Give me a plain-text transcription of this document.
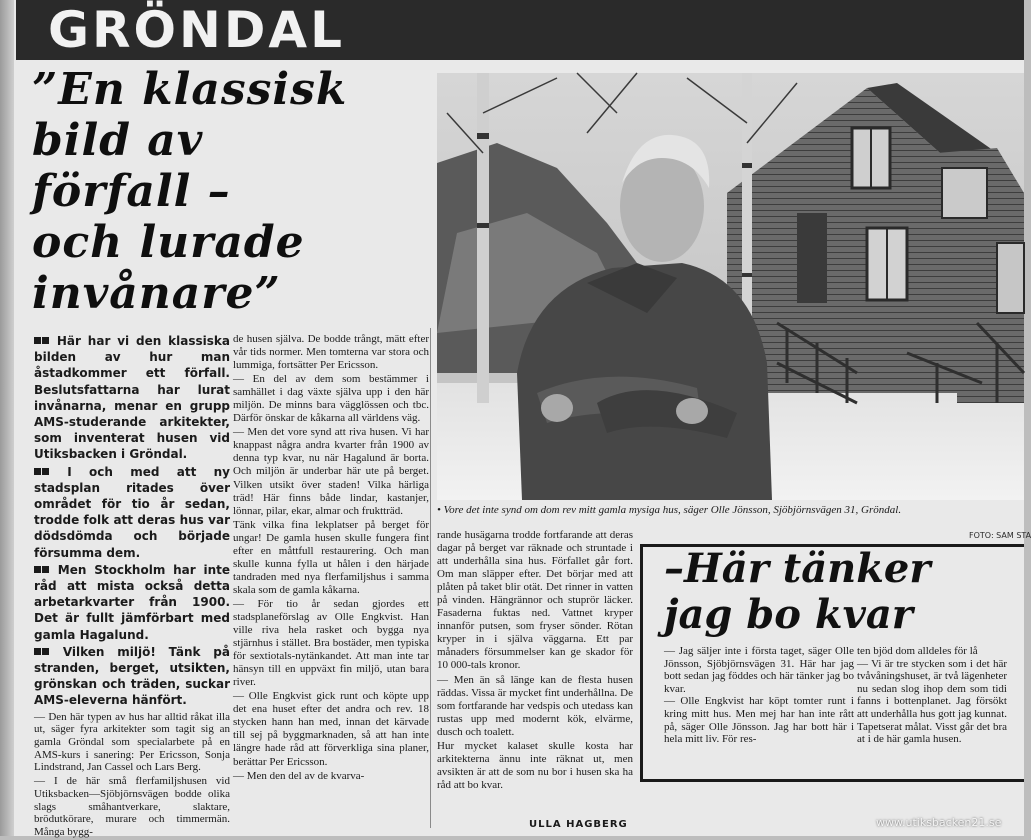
GRÖNDAL
”En klassisk
bild av
förfall –
och lurade
invånare”

Här har vi den klassiska bilden av hur man åstadkommer ett förfall. Beslutsfattarna har lurat invånarna, menar en grupp AMS-studerande arkitekter, som inventerat husen vid Utiksbacken i Gröndal.

I och med att ny stadsplan ritades över området för tio år sedan, trodde folk att deras hus var dödsdömda och började försumma dem.

Men Stockholm har inte råd att mista också detta arbetarkvarter från 1900. Det är fullt jämförbart med gamla Hagalund.

Vilken miljö! Tänk på stranden, berget, utsikten, grönskan och träden, suckar AMS-eleverna hänfört.

— Den här typen av hus har alltid råkat illa ut, säger fyra arkitekter som tagit sig an gamla Gröndal som specialarbete på en AMS-kurs i sanering: Per Ericsson, Sonja Lindstrand, Jan Cassel och Lars Berg.

— I de här små flerfamiljshusen vid Utiksbacken—Sjöbjörnsvägen bodde olika slags småhantverkare, slaktare, brödutkörare, murare och timmermän. Många bygg-

de husen själva. De bodde trångt, mätt efter vår tids normer. Men tomterna var stora och lummiga, fortsätter Per Ericsson.

— En del av dem som bestämmer i samhället i dag växte själva upp i den här miljön. De minns bara vägglössen och tbc. Därför önskar de kåkarna all världens väg.

— Men det vore synd att riva husen. Vi har knappast några andra kvarter från 1900 av denna typ kvar, nu när Hagalund är borta. Och miljön är underbar här ute på berget. Vilken utsikt över staden! Vilka härliga träd! Här finns både lindar, kastanjer, lönnar, pilar, ekar, almar och fruktträd.

Tänk vilka fina lekplatser på berget för ungar! De gamla husen skulle fungera fint efter en måttfull restaurering. Och man skulle kunna fylla ut hålen i den härjade tandraden med nya flerfamiljshus i samma skala som de gamla kåkarna.

— För tio år sedan gjordes ett stadsplaneförslag av Olle Engkvist. Han ville riva hela rasket och bygga nya stjärnhus i stället. Bra bostäder, men typiska för sextiotals-nytänkandet. Att man inte tar hänsyn till en uppväxt fin miljö, utan bara river.

— Olle Engkvist gick runt och köpte upp det ena huset efter det andra och rev. 18 stycken hann han med, innan det kärvade till sej på byggmarknaden, så att han inte längre hade råd att förverkliga sina planer, berättar Per Ericsson.

— Men den del av de kvarva-

• Vore det inte synd om dom rev mitt gamla mysiga hus, säger Olle Jönsson, Sjöbjörnsvägen 31, Gröndal.
FOTO: SAM STA

rande husägarna trodde fortfarande att deras dagar på berget var räknade och struntade i att underhålla sina hus. Förfallet går fort. Om man släpper efter. Det börjar med att plåten på taket blir otät. Det rinner in vatten på vinden. Hängrännor och stuprör läcker. Fasaderna fuktas ned. Vattnet kryper innanför putsen, som fryser sönder. Rötan kryper in i själva väggarna. Ett par månaders försummelser kan ge skador för 10 000-tals kronor.

— Men än så länge kan de flesta husen räddas. Vissa är mycket fint underhållna. De som fortfarande har vedspis och utedass kan rustas upp med modernt kök, elvärme, dusch och toalett.

Hur mycket kalaset skulle kosta har arkitekterna ännu inte räknat ut, men avsikten är att de som nu bor i husen ska ha råd att bo kvar.

ULLA HAGBERG
–Här tänker
jag bo kvar

— Jag säljer inte i första taget, säger Olle Jönsson, Sjöbjörnsvägen 31. Här har jag bott sedan jag föddes och här tänker jag bo kvar.

— Olle Engkvist har köpt tomter runt i kring mitt hus. Men mej har han inte rått på, säger Olle Jönsson. Jag har bott här i hela mitt liv. För res-

ten bjöd dom alldeles för lå

— Vi är tre stycken som i det här tvåvåningshuset, är två lägenheter nu sedan slog ihop dem som tidi fanns i bottenplanet. Jag försökt att underhålla hus gott jag kunnat. Tapetserat målat. Visst går det bra at i de här gamla husen.

www.utiksbacken21.se
